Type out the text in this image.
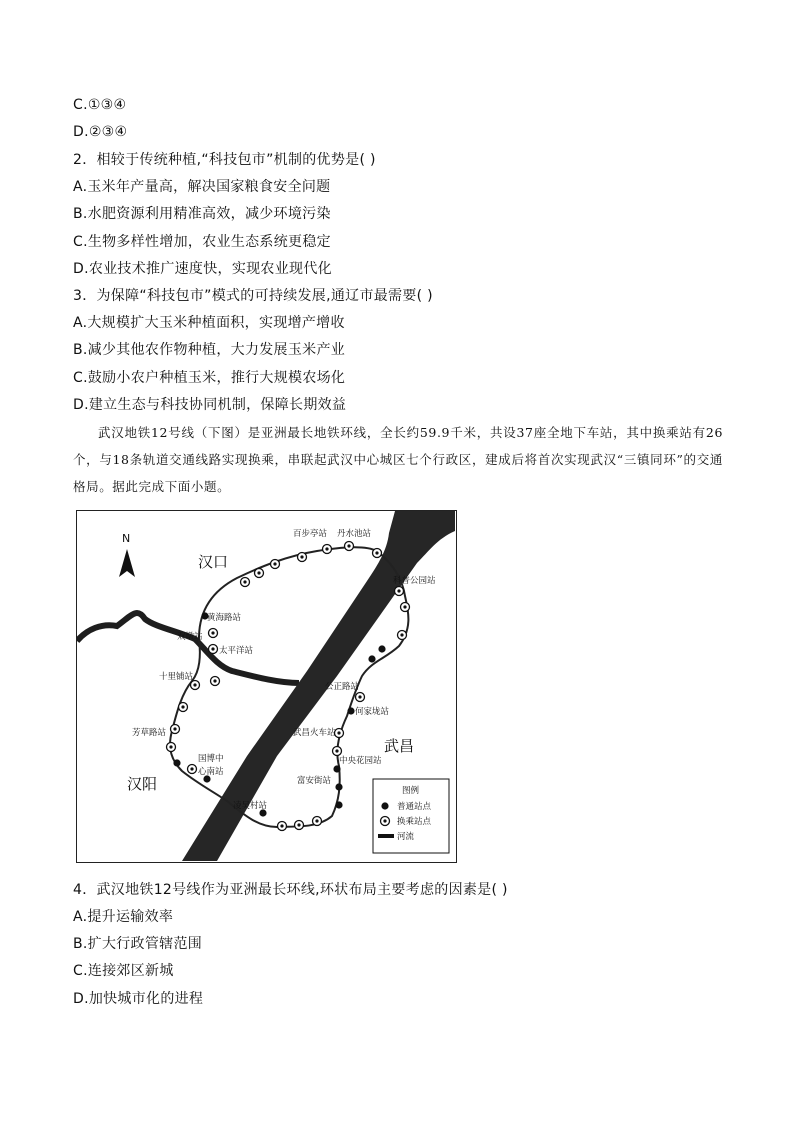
C.①③④
D.②③④
2．相较于传统种植,“科技包市”机制的优势是( )
A.玉米年产量高，解决国家粮食安全问题
B.水肥资源利用精准高效，减少环境污染
C.生物多样性增加，农业生态系统更稳定
D.农业技术推广速度快，实现农业现代化
3．为保障“科技包市”模式的可持续发展,通辽市最需要( )
A.大规模扩大玉米种植面积，实现增产增收
B.减少其他农作物种植，大力发展玉米产业
C.鼓励小农户种植玉米，推行大规模农场化
D.建立生态与科技协同机制，保障长期效益
武汉地铁12号线（下图）是亚洲最长地铁环线，全长约59.9千米，共设37座全地下车站，其中换乘站有26个，与18条轨道交通线路实现换乘，串联起武汉中心城区七个行政区，建成后将首次实现武汉“三镇同环”的交通格局。据此完成下面小题。
N
汉口
汉阳
武昌
百步亭站 丹水池站
科普公园站
黄海路站
双墩站
太平洋站
十里铺站
公正路站
何家垅站
芳草路站	武昌火车站
国博中
心南站
中央花园站
富安街站
凌吴村站
图例
普通站点
换乘站点
河流
4．武汉地铁12号线作为亚洲最长环线,环状布局主要考虑的因素是( )
A.提升运输效率
B.扩大行政管辖范围
C.连接郊区新城
D.加快城市化的进程
